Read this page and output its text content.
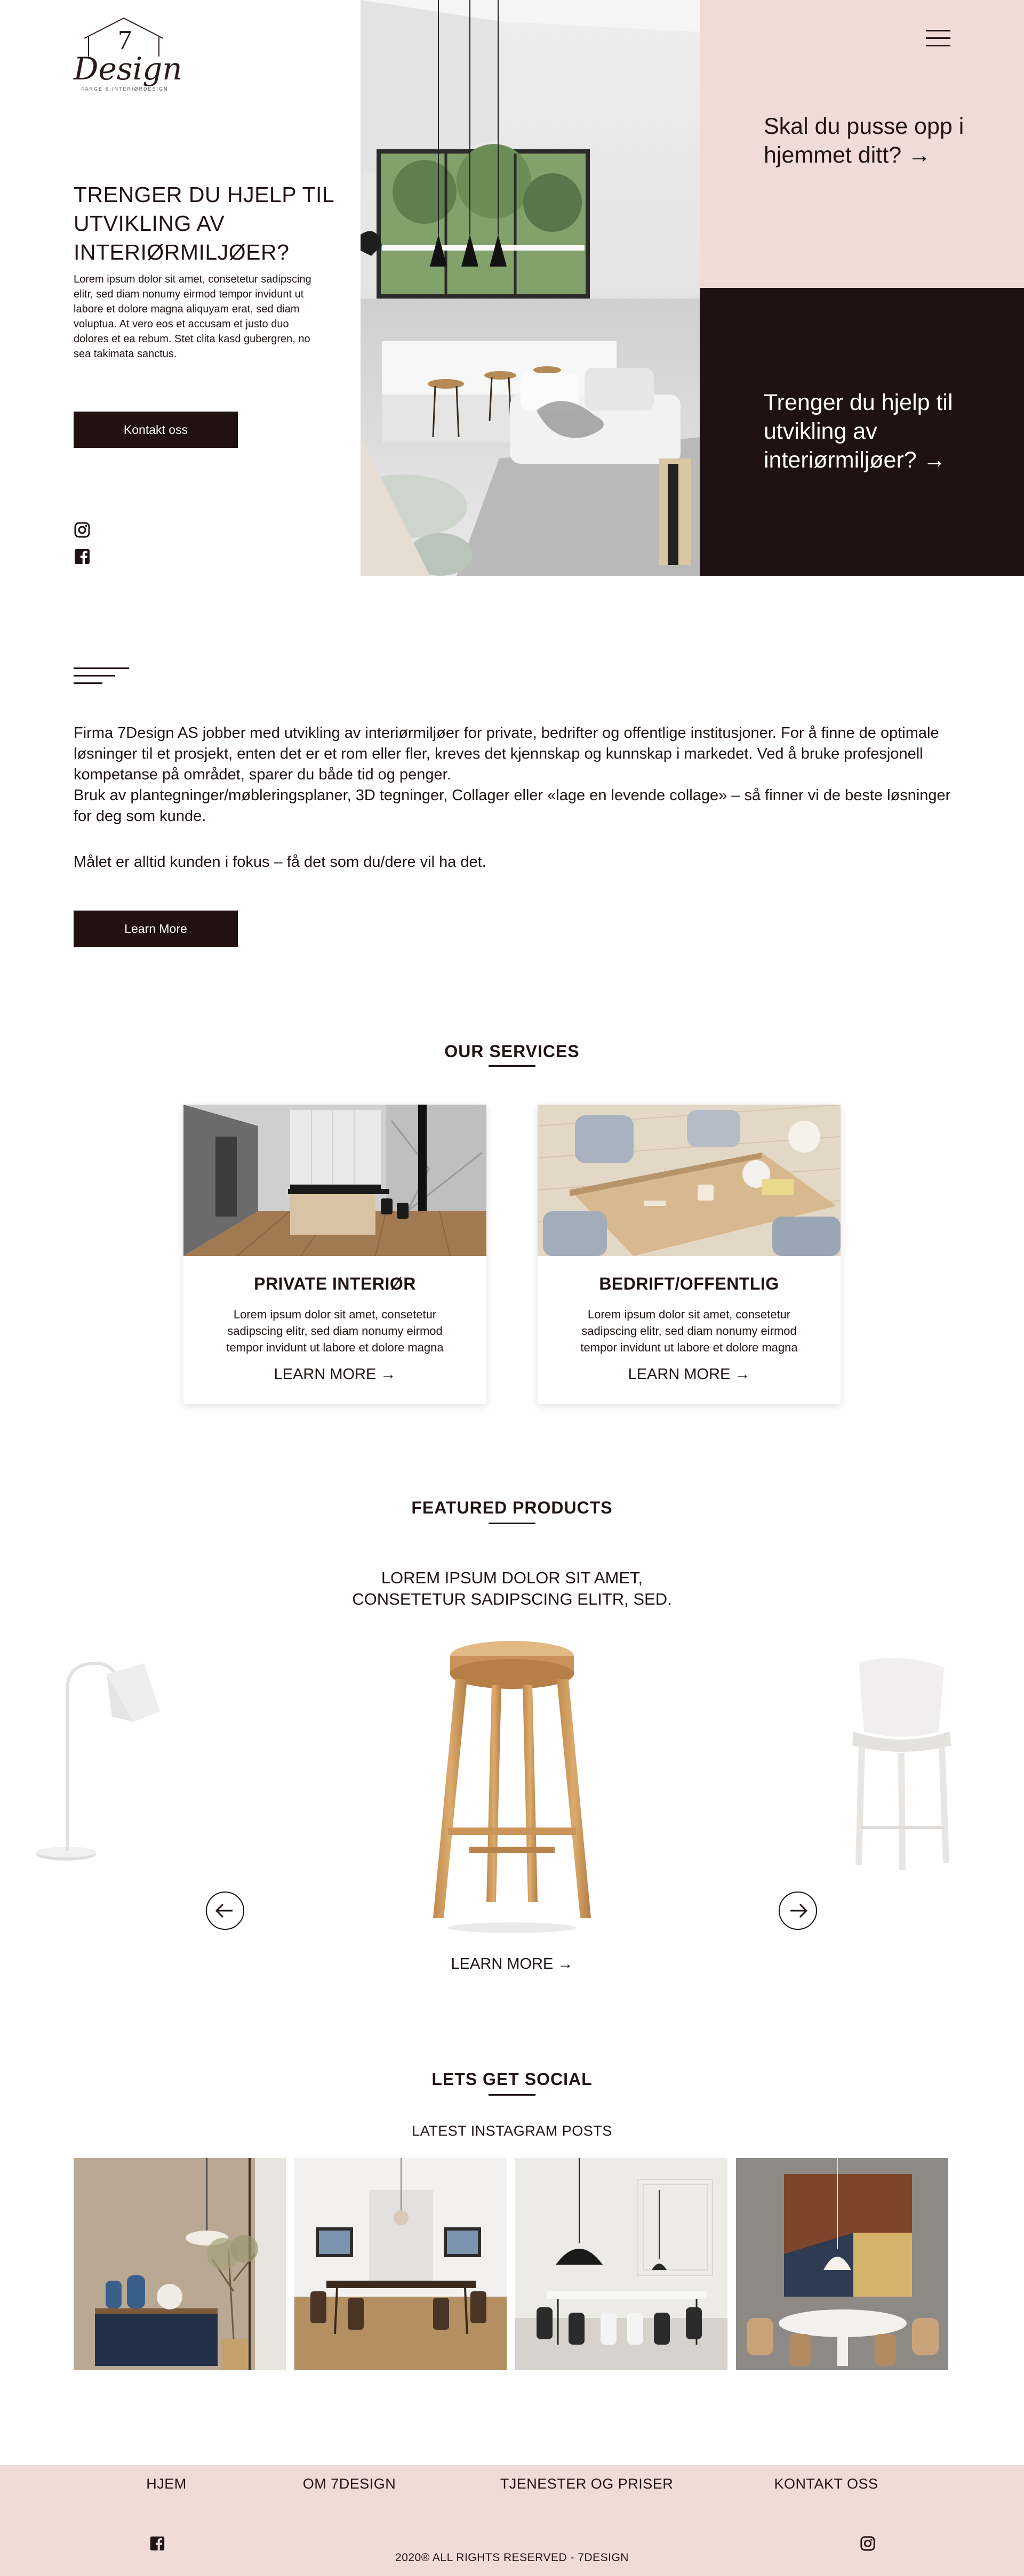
7
Design
FARGE & INTERIØRDESIGN
TRENGER DU HJELP TIL UTVIKLING AV INTERIØRMILJØER?

Lorem ipsum dolor sit amet, consetetur sadipscing elitr, sed diam nonumy eirmod tempor invidunt ut labore et dolore magna aliquyam erat, sed diam voluptua. At vero eos et accusam et justo duo dolores et ea rebum. Stet clita kasd gubergren, no sea takimata sanctus.

Kontakt oss
Skal du pusse opp i hjemmet ditt? →
Trenger du hjelp til utvikling av interiørmiljøer? →

Firma 7Design AS jobber med utvikling av interiørmiljøer for private, bedrifter og offentlige institusjoner. For å finne de optimale løsninger til et prosjekt, enten det er et rom eller fler, kreves det kjennskap og kunnskap i markedet. Ved å bruke profesjonell kompetanse på området, sparer du både tid og penger.

Bruk av plantegninger/møbleringsplaner, 3D tegninger, Collager eller «lage en levende collage» – så finner vi de beste løsninger for deg som kunde.

Målet er alltid kunden i fokus – få det som du/dere vil ha det.

Learn More
OUR SERVICES
PRIVATE INTERIØR
Lorem ipsum dolor sit amet, consetetur sadipscing elitr, sed diam nonumy eirmod tempor invidunt ut labore et dolore magna
LEARN MORE →
BEDRIFT/OFFENTLIG
Lorem ipsum dolor sit amet, consetetur sadipscing elitr, sed diam nonumy eirmod tempor invidunt ut labore et dolore magna
LEARN MORE →
FEATURED PRODUCTS
LOREM IPSUM DOLOR SIT AMET,
CONSETETUR SADIPSCING ELITR, SED.
LEARN MORE →
LETS GET SOCIAL
LATEST INSTAGRAM POSTS
HJEM	OM 7DESIGN	TJENESTER OG PRISER	KONTAKT OSS
2020® ALL RIGHTS RESERVED - 7DESIGN
